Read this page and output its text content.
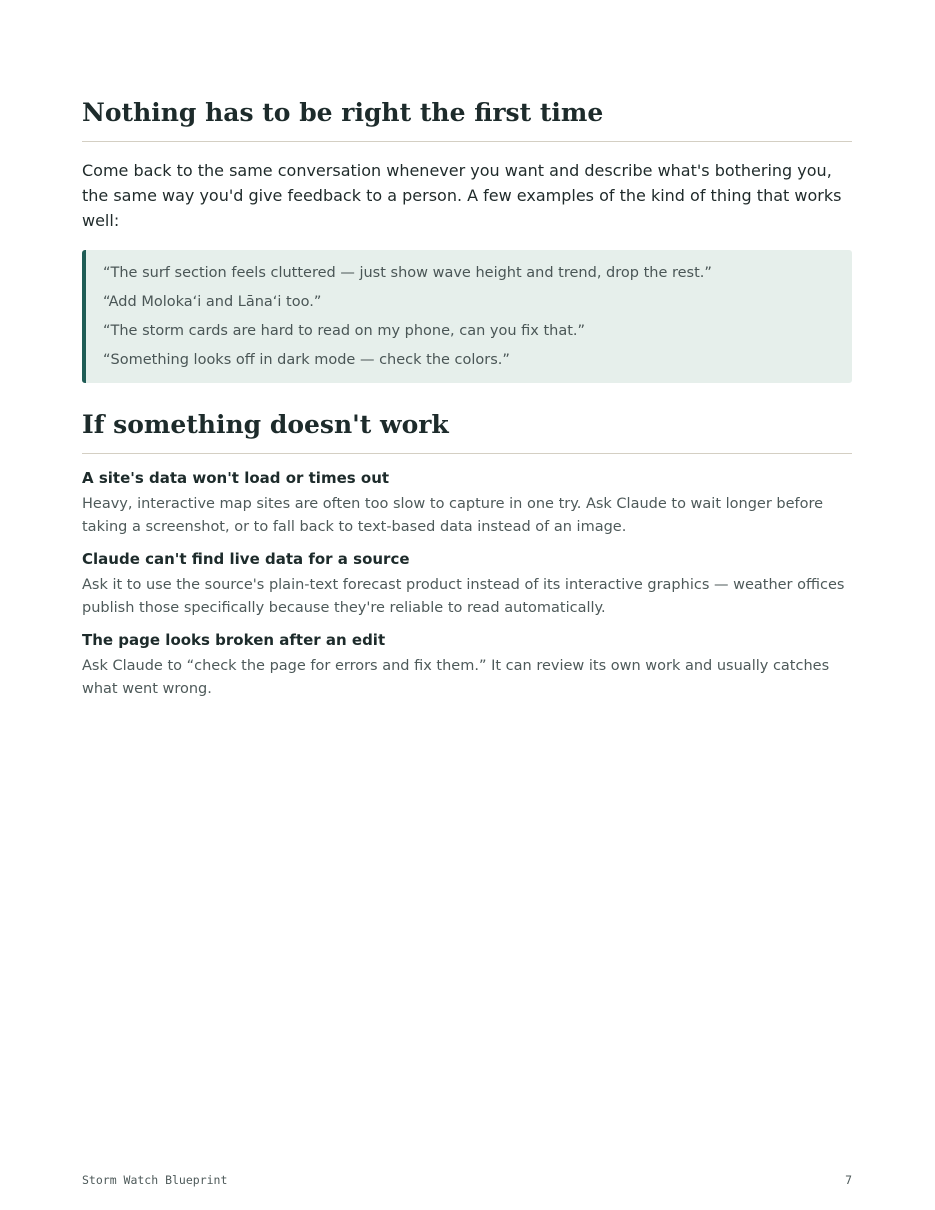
Nothing has to be right the first time

Come back to the same conversation whenever you want and describe what's bothering you, the same way you'd give feedback to a person. A few examples of the kind of thing that works well:

“The surf section feels cluttered — just show wave height and trend, drop the rest.”

“Add Molokaʻi and Lānaʻi too.”

“The storm cards are hard to read on my phone, can you fix that.”

“Something looks off in dark mode — check the colors.”

If something doesn't work
A site's data won't load or times out

Heavy, interactive map sites are often too slow to capture in one try. Ask Claude to wait longer before taking a screenshot, or to fall back to text-based data instead of an image.

Claude can't find live data for a source

Ask it to use the source's plain-text forecast product instead of its interactive graphics — weather offices publish those specifically because they're reliable to read automatically.

The page looks broken after an edit

Ask Claude to “check the page for errors and fix them.” It can review its own work and usually catches what went wrong.

Storm Watch Blueprint	7
